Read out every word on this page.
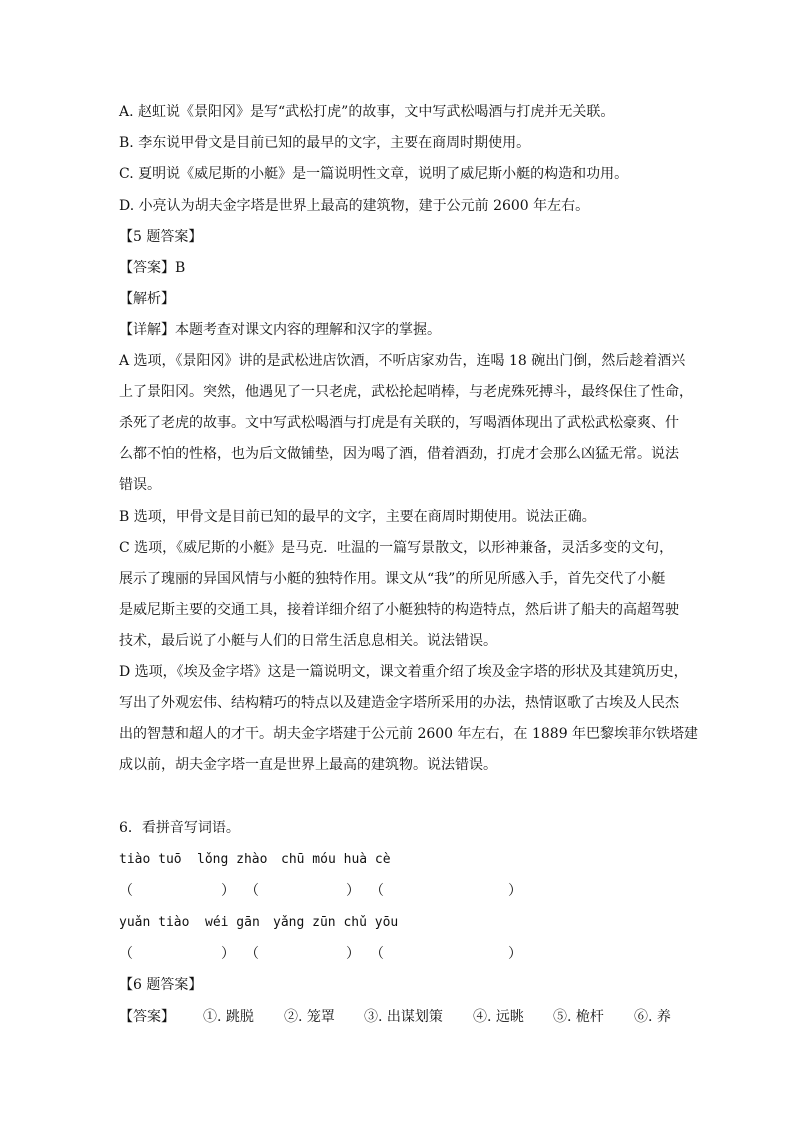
A. 赵虹说《景阳冈》是写“武松打虎”的故事，文中写武松喝酒与打虎并无关联。
B. 李东说甲骨文是目前已知的最早的文字，主要在商周时期使用。
C. 夏明说《威尼斯的小艇》是一篇说明性文章，说明了威尼斯小艇的构造和功用。
D. 小亮认为胡夫金字塔是世界上最高的建筑物，建于公元前 2600 年左右。
【5 题答案】
【答案】B
【解析】
【详解】本题考查对课文内容的理解和汉字的掌握。
A 选项，《景阳冈》讲的是武松进店饮酒，不听店家劝告，连喝 18 碗出门倒，然后趁着酒兴
上了景阳冈。突然，他遇见了一只老虎，武松抡起哨棒，与老虎殊死搏斗，最终保住了性命，
杀死了老虎的故事。文中写武松喝酒与打虎是有关联的，写喝酒体现出了武松武松豪爽、什
么都不怕的性格，也为后文做铺垫，因为喝了酒，借着酒劲，打虎才会那么凶猛无常。说法
错误。
B 选项，甲骨文是目前已知的最早的文字，主要在商周时期使用。说法正确。
C 选项，《威尼斯的小艇》是马克．吐温的一篇写景散文，以形神兼备，灵活多变的文句，
展示了瑰丽的异国风情与小艇的独特作用。课文从“我”的所见所感入手，首先交代了小艇
是威尼斯主要的交通工具，接着详细介绍了小艇独特的构造特点，然后讲了船夫的高超驾驶
技术，最后说了小艇与人们的日常生活息息相关。说法错误。
D 选项，《埃及金字塔》这是一篇说明文，课文着重介绍了埃及金字塔的形状及其建筑历史，
写出了外观宏伟、结构精巧的特点以及建造金字塔所采用的办法，热情讴歌了古埃及人民杰
出的智慧和超人的才干。胡夫金字塔建于公元前 2600 年左右，在 1889 年巴黎埃菲尔铁塔建
成以前，胡夫金字塔一直是世界上最高的建筑物。说法错误。
6．看拼音写词语。
tiào tuō lǒng zhào chū móu huà cè
（	） （	） （	）
yuǎn tiào wéi gān yǎng zūn chǔ yōu
（	） （	） （	）
【6 题答案】
【答案】 ①. 跳脱 ②. 笼罩 ③. 出谋划策 ④. 远眺 ⑤. 桅杆 ⑥. 养
